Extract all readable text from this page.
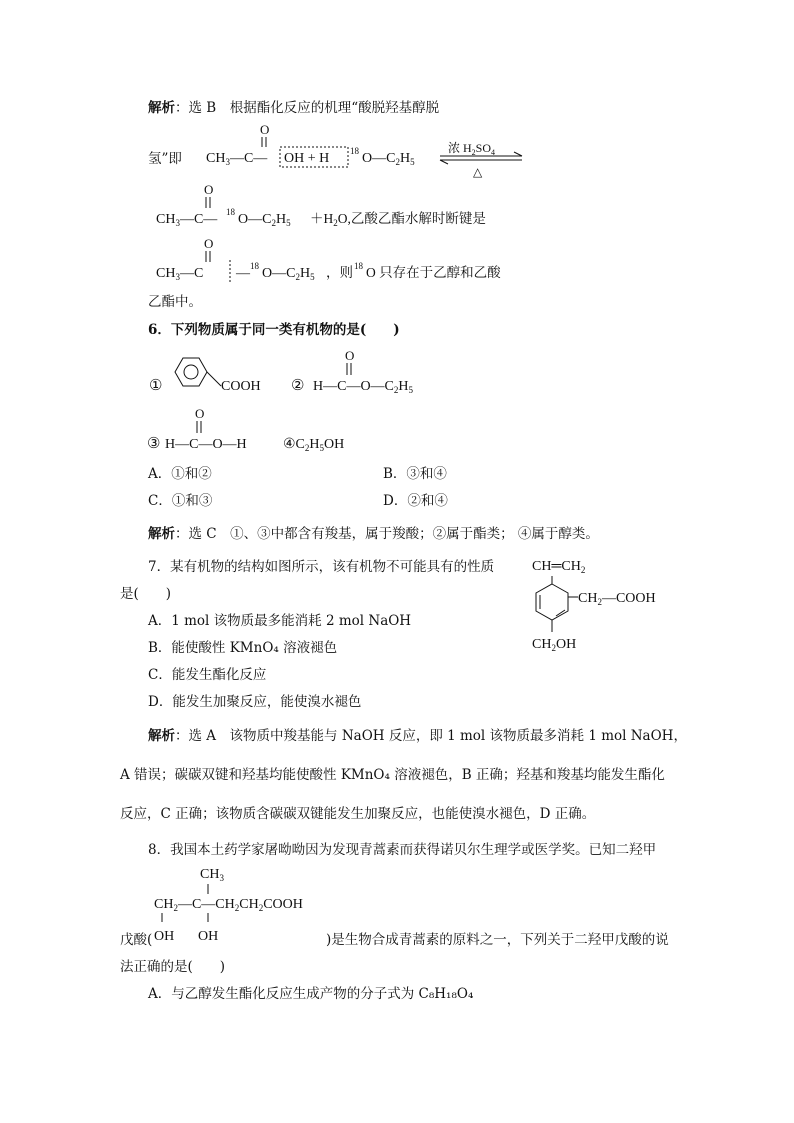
解析：选 B　根据酯化反应的机理“酸脱羟基醇脱
氢”即
O
$CH_3—C—$ OH + H 18 $O—C_2H_5$
浓 $H_2SO_4$
△
O
$CH_3—C—$ 18 $O—C_2H_5 +H_2O$,乙酸乙酯水解时断键是
O
$CH_3—C$ — 18 $O—C_2H_5$ ，则 18 O 只存在于乙醇和乙酸
乙酯中。
6．下列物质属于同一类有机物的是(　　)
①	COOH ②
O
$H—C—O—C_2H_5$
O
③ H—C—O—H	$④C_2H_5OH$
A．①和②	B．③和④
C．①和③	D．②和④
解析：选 C　①、③中都含有羧基，属于羧酸；②属于酯类； ④属于醇类。
7．某有机物的结构如图所示，该有机物不可能具有的性质
是(　　)
$CH═CH_2$
$CH_2—COOH$
$CH_2OH$
A．1 mol 该物质最多能消耗 2 mol NaOH
B．能使酸性 KMnO₄ 溶液褪色
C．能发生酯化反应
D．能发生加聚反应，能使溴水褪色
解析：选 A　该物质中羧基能与 NaOH 反应，即 1 mol 该物质最多消耗 1 mol NaOH，
A 错误；碳碳双键和羟基均能使酸性 KMnO₄ 溶液褪色，B 正确；羟基和羧基均能发生酯化
反应，C 正确；该物质含碳碳双键能发生加聚反应，也能使溴水褪色，D 正确。
8．我国本土药学家屠呦呦因为发现青蒿素而获得诺贝尔生理学或医学奖。已知二羟甲
$CH_3$
$CH_2—C—CH_2CH_2COOH$
OH OH
戊酸(	)是生物合成青蒿素的原料之一，下列关于二羟甲戊酸的说
法正确的是(　　)
A．与乙醇发生酯化反应生成产物的分子式为 C₈H₁₈O₄
